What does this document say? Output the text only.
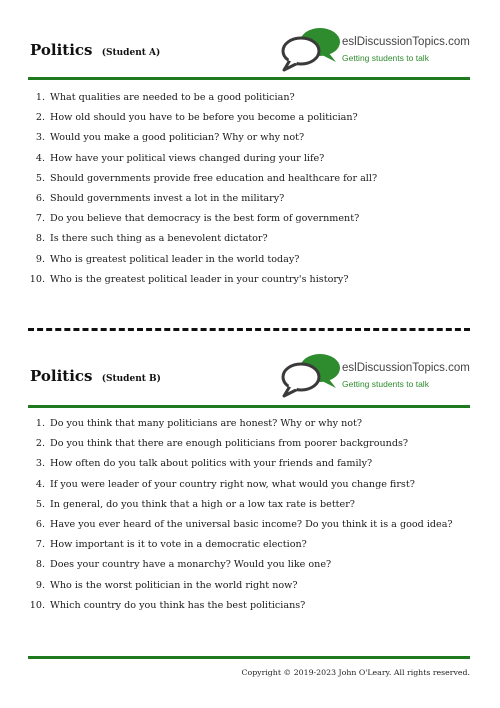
Politics (Student A)
eslDiscussionTopics.com
Getting students to talk
1. What qualities are needed to be a good politician?
2. How old should you have to be before you become a politician?
3. Would you make a good politician? Why or why not?
4. How have your political views changed during your life?
5. Should governments provide free education and healthcare for all?
6. Should governments invest a lot in the military?
7. Do you believe that democracy is the best form of government?
8. Is there such thing as a benevolent dictator?
9. Who is greatest political leader in the world today?
10. Who is the greatest political leader in your country's history?
Politics (Student B)
eslDiscussionTopics.com
Getting students to talk
1. Do you think that many politicians are honest? Why or why not?
2. Do you think that there are enough politicians from poorer backgrounds?
3. How often do you talk about politics with your friends and family?
4. If you were leader of your country right now, what would you change first?
5. In general, do you think that a high or a low tax rate is better?
6. Have you ever heard of the universal basic income? Do you think it is a good idea?
7. How important is it to vote in a democratic election?
8. Does your country have a monarchy? Would you like one?
9. Who is the worst politician in the world right now?
10. Which country do you think has the best politicians?
Copyright © 2019-2023 John O'Leary. All rights reserved.
